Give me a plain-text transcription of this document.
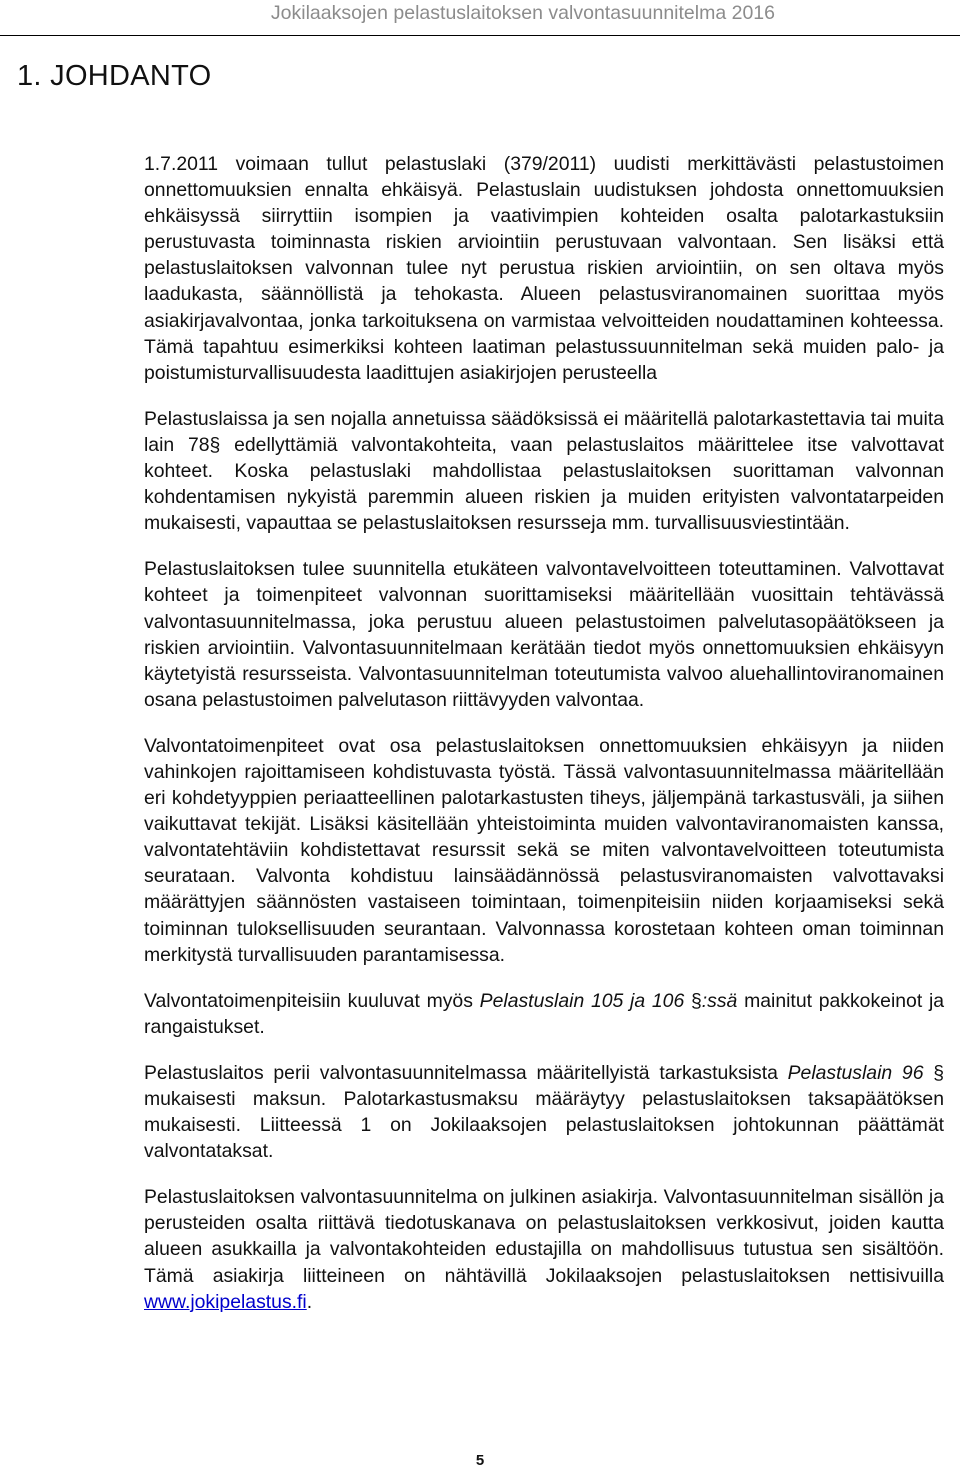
Jokilaaksojen pelastuslaitoksen valvontasuunnitelma 2016
1. JOHDANTO

1.7.2011 voimaan tullut pelastuslaki (379/2011) uudisti merkittävästi pelastustoimen onnettomuuksien ennalta ehkäisyä. Pelastuslain uudistuksen johdosta onnettomuuksien ehkäisyssä siirryttiin isompien ja vaativimpien kohteiden osalta palotarkastuksiin perustuvasta toiminnasta riskien arviointiin perustuvaan valvontaan. Sen lisäksi että pelastuslaitoksen valvonnan tulee nyt perustua riskien arviointiin, on sen oltava myös laadukasta, säännöllistä ja tehokasta. Alueen pelastusviranomainen suorittaa myös asiakirjavalvontaa, jonka tarkoituksena on varmistaa velvoitteiden noudattaminen kohteessa. Tämä tapahtuu esimerkiksi kohteen laatiman pelastussuunnitelman sekä muiden palo- ja poistumisturvallisuudesta laadittujen asiakirjojen perusteella

Pelastuslaissa ja sen nojalla annetuissa säädöksissä ei määritellä palotarkastettavia tai muita lain 78§ edellyttämiä valvontakohteita, vaan pelastuslaitos määrittelee itse valvottavat kohteet. Koska pelastuslaki mahdollistaa pelastuslaitoksen suorittaman valvonnan kohdentamisen nykyistä paremmin alueen riskien ja muiden erityisten valvontatarpeiden mukaisesti, vapauttaa se pelastuslaitoksen resursseja mm. turvallisuusviestintään.

Pelastuslaitoksen tulee suunnitella etukäteen valvontavelvoitteen toteuttaminen. Valvottavat kohteet ja toimenpiteet valvonnan suorittamiseksi määritellään vuosittain tehtävässä valvontasuunnitelmassa, joka perustuu alueen pelastustoimen palvelutasopäätökseen ja riskien arviointiin. Valvontasuunnitelmaan kerätään tiedot myös onnettomuuksien ehkäisyyn käytetyistä resursseista. Valvontasuunnitelman toteutumista valvoo aluehallintoviranomainen osana pelastustoimen palvelutason riittävyyden valvontaa.

Valvontatoimenpiteet ovat osa pelastuslaitoksen onnettomuuksien ehkäisyyn ja niiden vahinkojen rajoittamiseen kohdistuvasta työstä. Tässä valvontasuunnitelmassa määritellään eri kohdetyyppien periaatteellinen palotarkastusten tiheys, jäljempänä tarkastusväli, ja siihen vaikuttavat tekijät. Lisäksi käsitellään yhteistoiminta muiden valvontaviranomaisten kanssa, valvontatehtäviin kohdistettavat resurssit sekä se miten valvontavelvoitteen toteutumista seurataan. Valvonta kohdistuu lainsäädännössä pelastusviranomaisten valvottavaksi määrättyjen säännösten vastaiseen toimintaan, toimenpiteisiin niiden korjaamiseksi sekä toiminnan tuloksellisuuden seurantaan. Valvonnassa korostetaan kohteen oman toiminnan merkitystä turvallisuuden parantamisessa.

Valvontatoimenpiteisiin kuuluvat myös Pelastuslain 105 ja 106 §:ssä mainitut pakkokeinot ja rangaistukset.

Pelastuslaitos perii valvontasuunnitelmassa määritellyistä tarkastuksista Pelastuslain 96 § mukaisesti maksun. Palotarkastusmaksu määräytyy pelastuslaitoksen taksapäätöksen mukaisesti. Liitteessä 1 on Jokilaaksojen pelastuslaitoksen johtokunnan päättämät valvontataksat.

Pelastuslaitoksen valvontasuunnitelma on julkinen asiakirja. Valvontasuunnitelman sisällön ja perusteiden osalta riittävä tiedotuskanava on pelastuslaitoksen verkkosivut, joiden kautta alueen asukkailla ja valvontakohteiden edustajilla on mahdollisuus tutustua sen sisältöön. Tämä asiakirja liitteineen on nähtävillä Jokilaaksojen pelastuslaitoksen nettisivuilla www.jokipelastus.fi.

5
